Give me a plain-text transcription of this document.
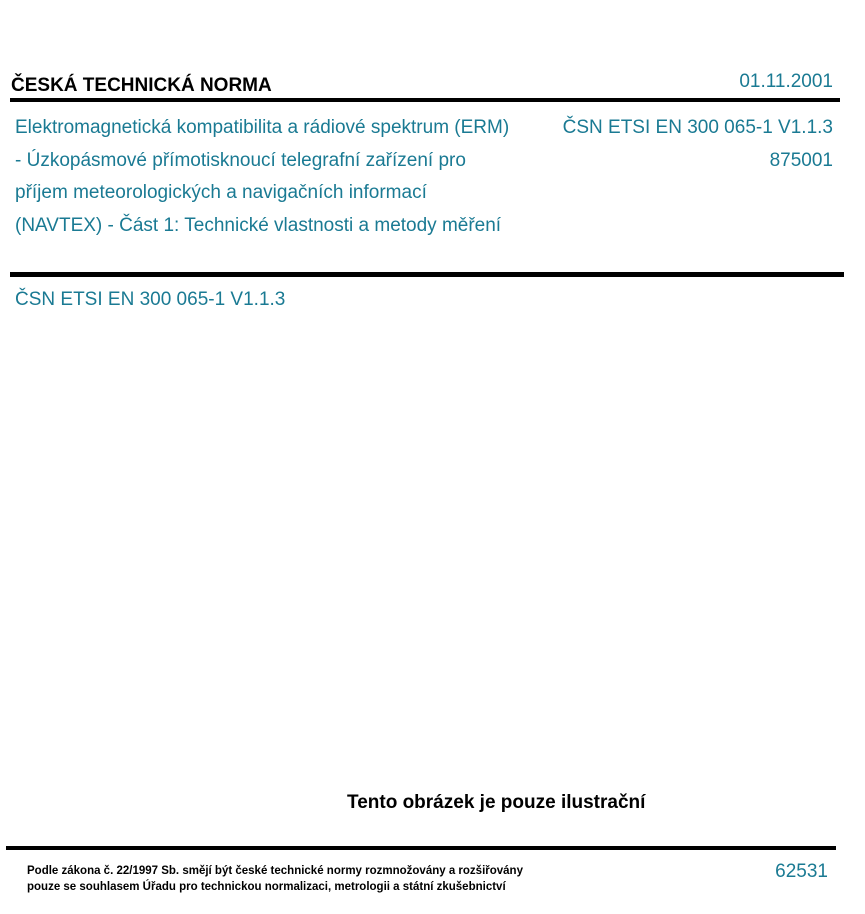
ČESKÁ TECHNICKÁ NORMA	01.11.2001
Elektromagnetická kompatibilita a rádiové spektrum (ERM) - Úzkopásmové přímotisknoucí telegrafní zařízení pro příjem meteorologických a navigačních informací (NAVTEX) - Část 1: Technické vlastnosti a metody měření
ČSN ETSI EN 300 065-1 V1.1.3
875001
ČSN ETSI EN 300 065-1 V1.1.3
Tento obrázek je pouze ilustrační
Podle zákona č. 22/1997 Sb. smějí být české technické normy rozmnožovány a rozšiřovány
pouze se souhlasem Úřadu pro technickou normalizaci, metrologii a státní zkušebnictví
62531
